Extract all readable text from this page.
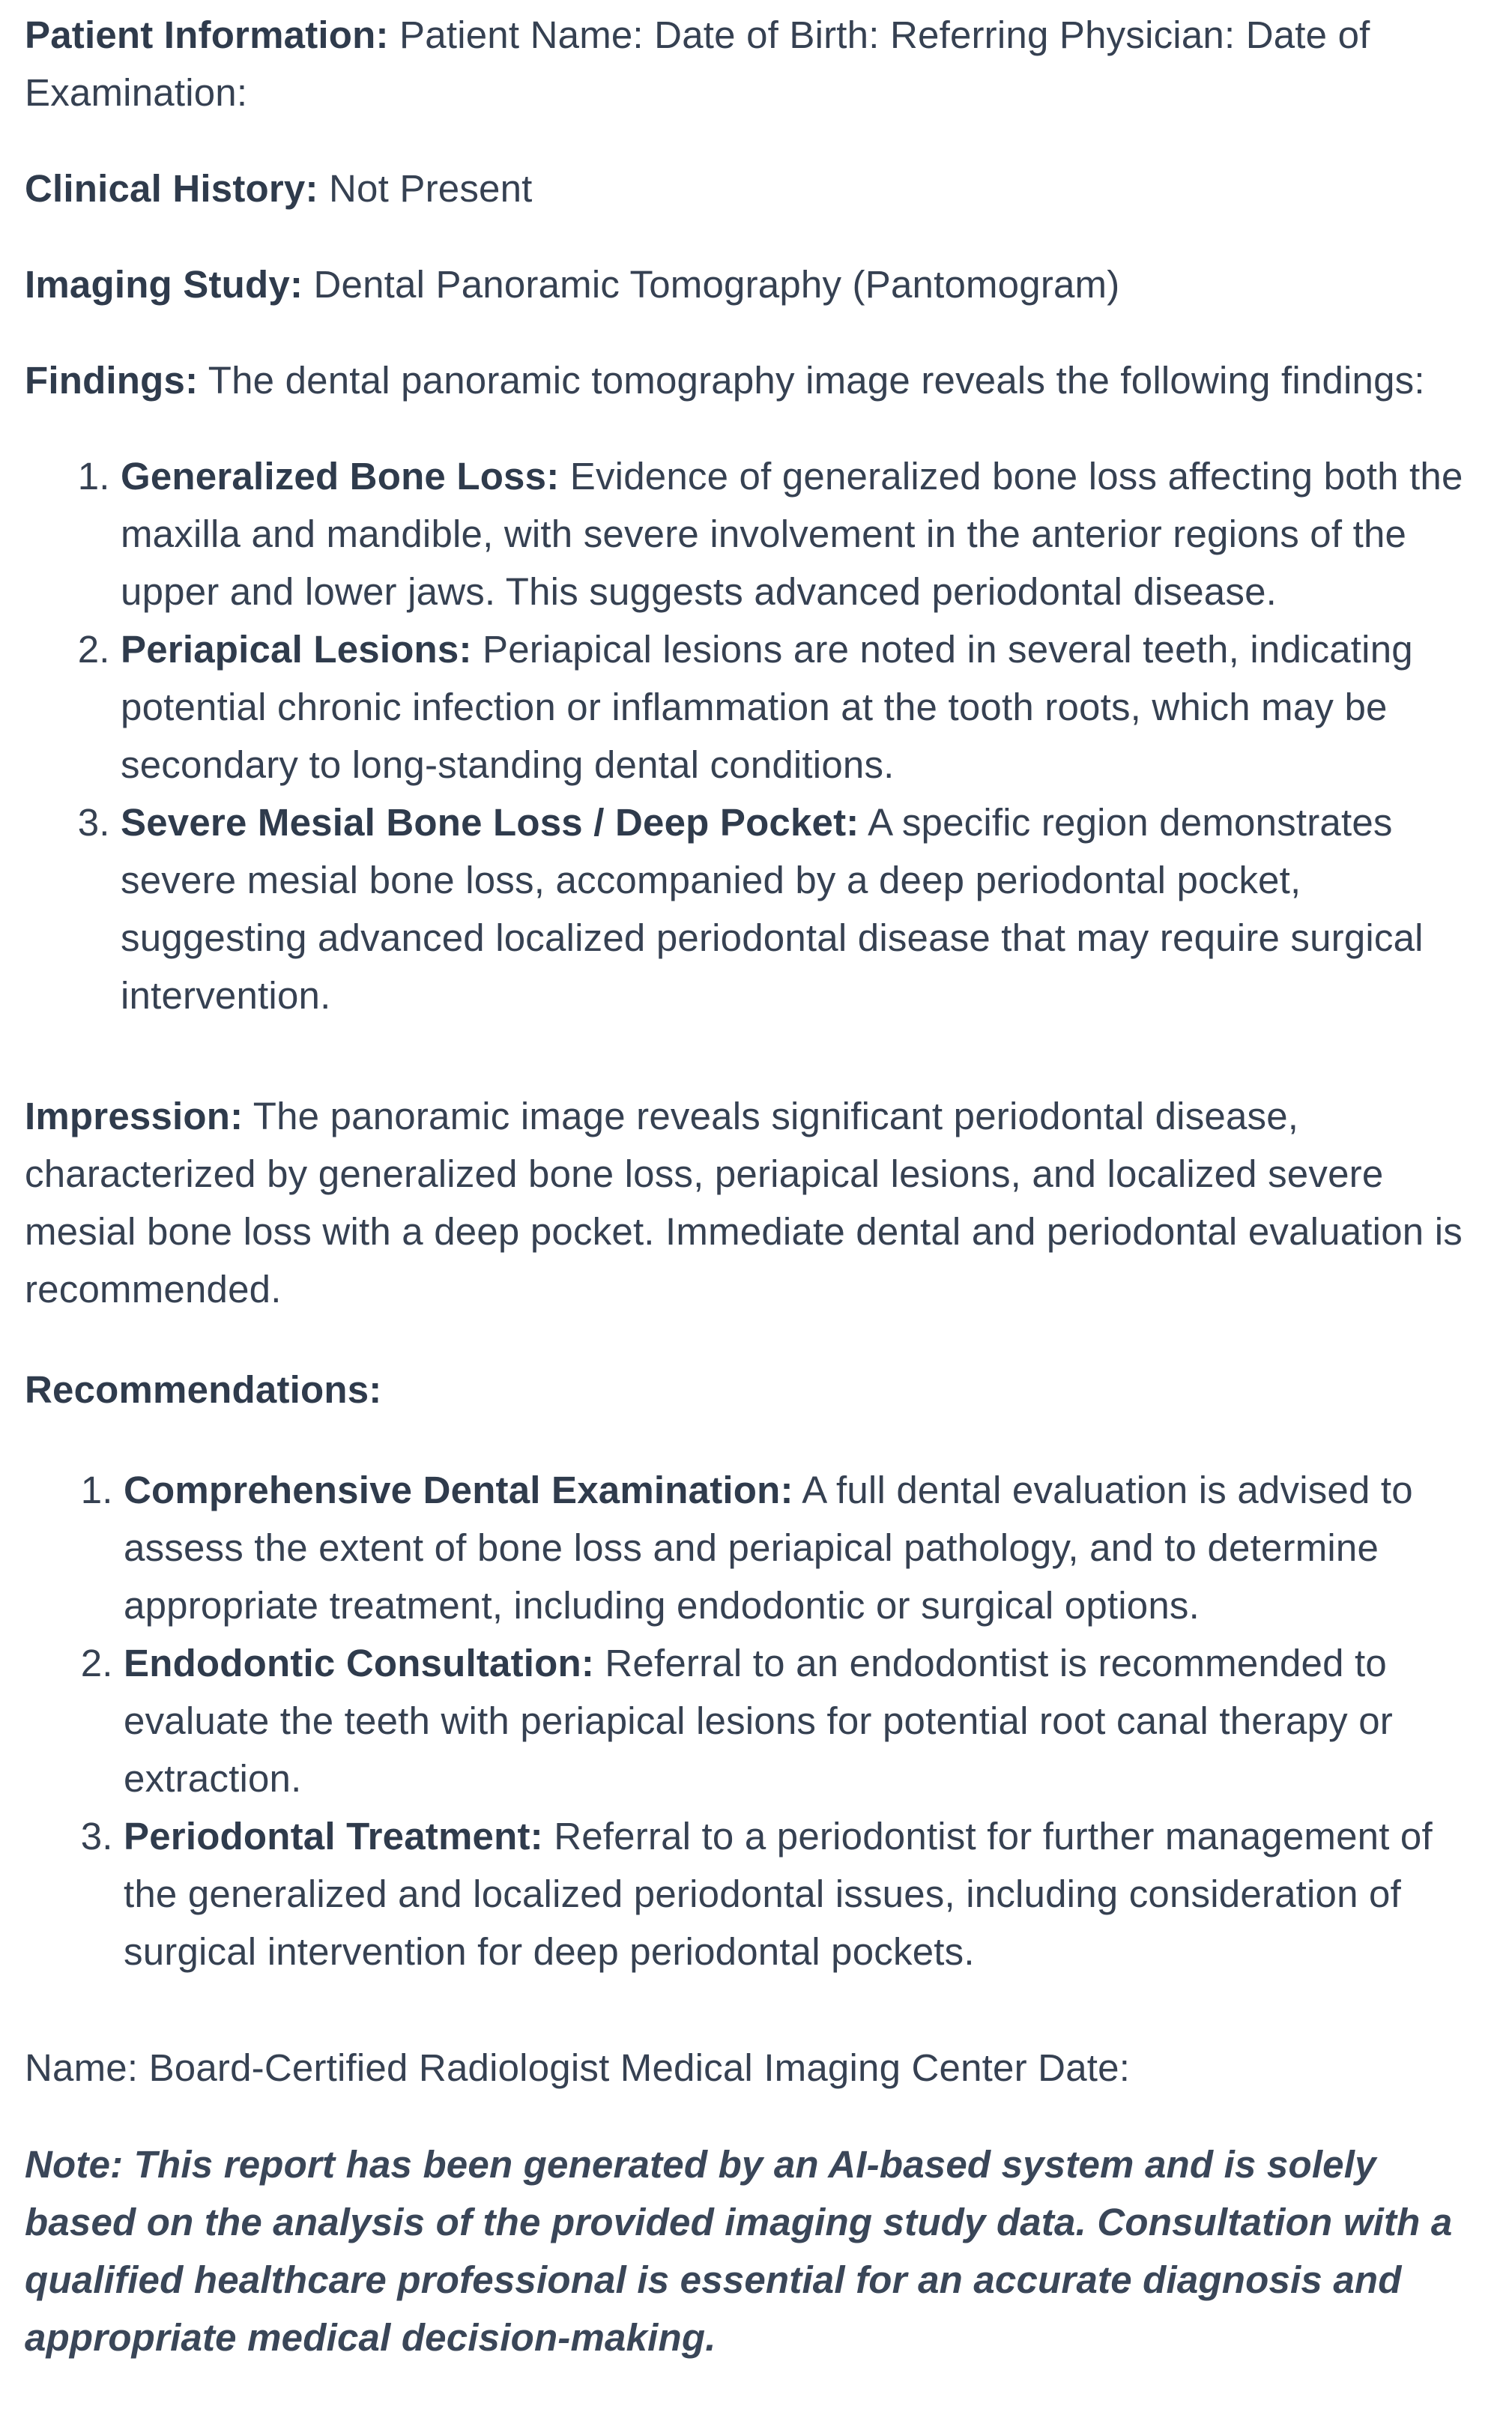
Patient Information: Patient Name: Date of Birth: Referring Physician: Date of Examination:

Clinical History: Not Present

Imaging Study: Dental Panoramic Tomography (Pantomogram)

Findings: The dental panoramic tomography image reveals the following findings:

1. Generalized Bone Loss: Evidence of generalized bone loss affecting both the maxilla and mandible, with severe involvement in the anterior regions of the upper and lower jaws. This suggests advanced periodontal disease.
2. Periapical Lesions: Periapical lesions are noted in several teeth, indicating potential chronic infection or inflammation at the tooth roots, which may be secondary to long-standing dental conditions.
3. Severe Mesial Bone Loss / Deep Pocket: A specific region demonstrates severe mesial bone loss, accompanied by a deep periodontal pocket, suggesting advanced localized periodontal disease that may require surgical intervention.

Impression: The panoramic image reveals significant periodontal disease, characterized by generalized bone loss, periapical lesions, and localized severe mesial bone loss with a deep pocket. Immediate dental and periodontal evaluation is recommended.

Recommendations:

1. Comprehensive Dental Examination: A full dental evaluation is advised to assess the extent of bone loss and periapical pathology, and to determine appropriate treatment, including endodontic or surgical options.
2. Endodontic Consultation: Referral to an endodontist is recommended to evaluate the teeth with periapical lesions for potential root canal therapy or extraction.
3. Periodontal Treatment: Referral to a periodontist for further management of the generalized and localized periodontal issues, including consideration of surgical intervention for deep periodontal pockets.

Name: Board-Certified Radiologist Medical Imaging Center Date:

Note: This report has been generated by an AI-based system and is solely based on the analysis of the provided imaging study data. Consultation with a qualified healthcare professional is essential for an accurate diagnosis and appropriate medical decision-making.
